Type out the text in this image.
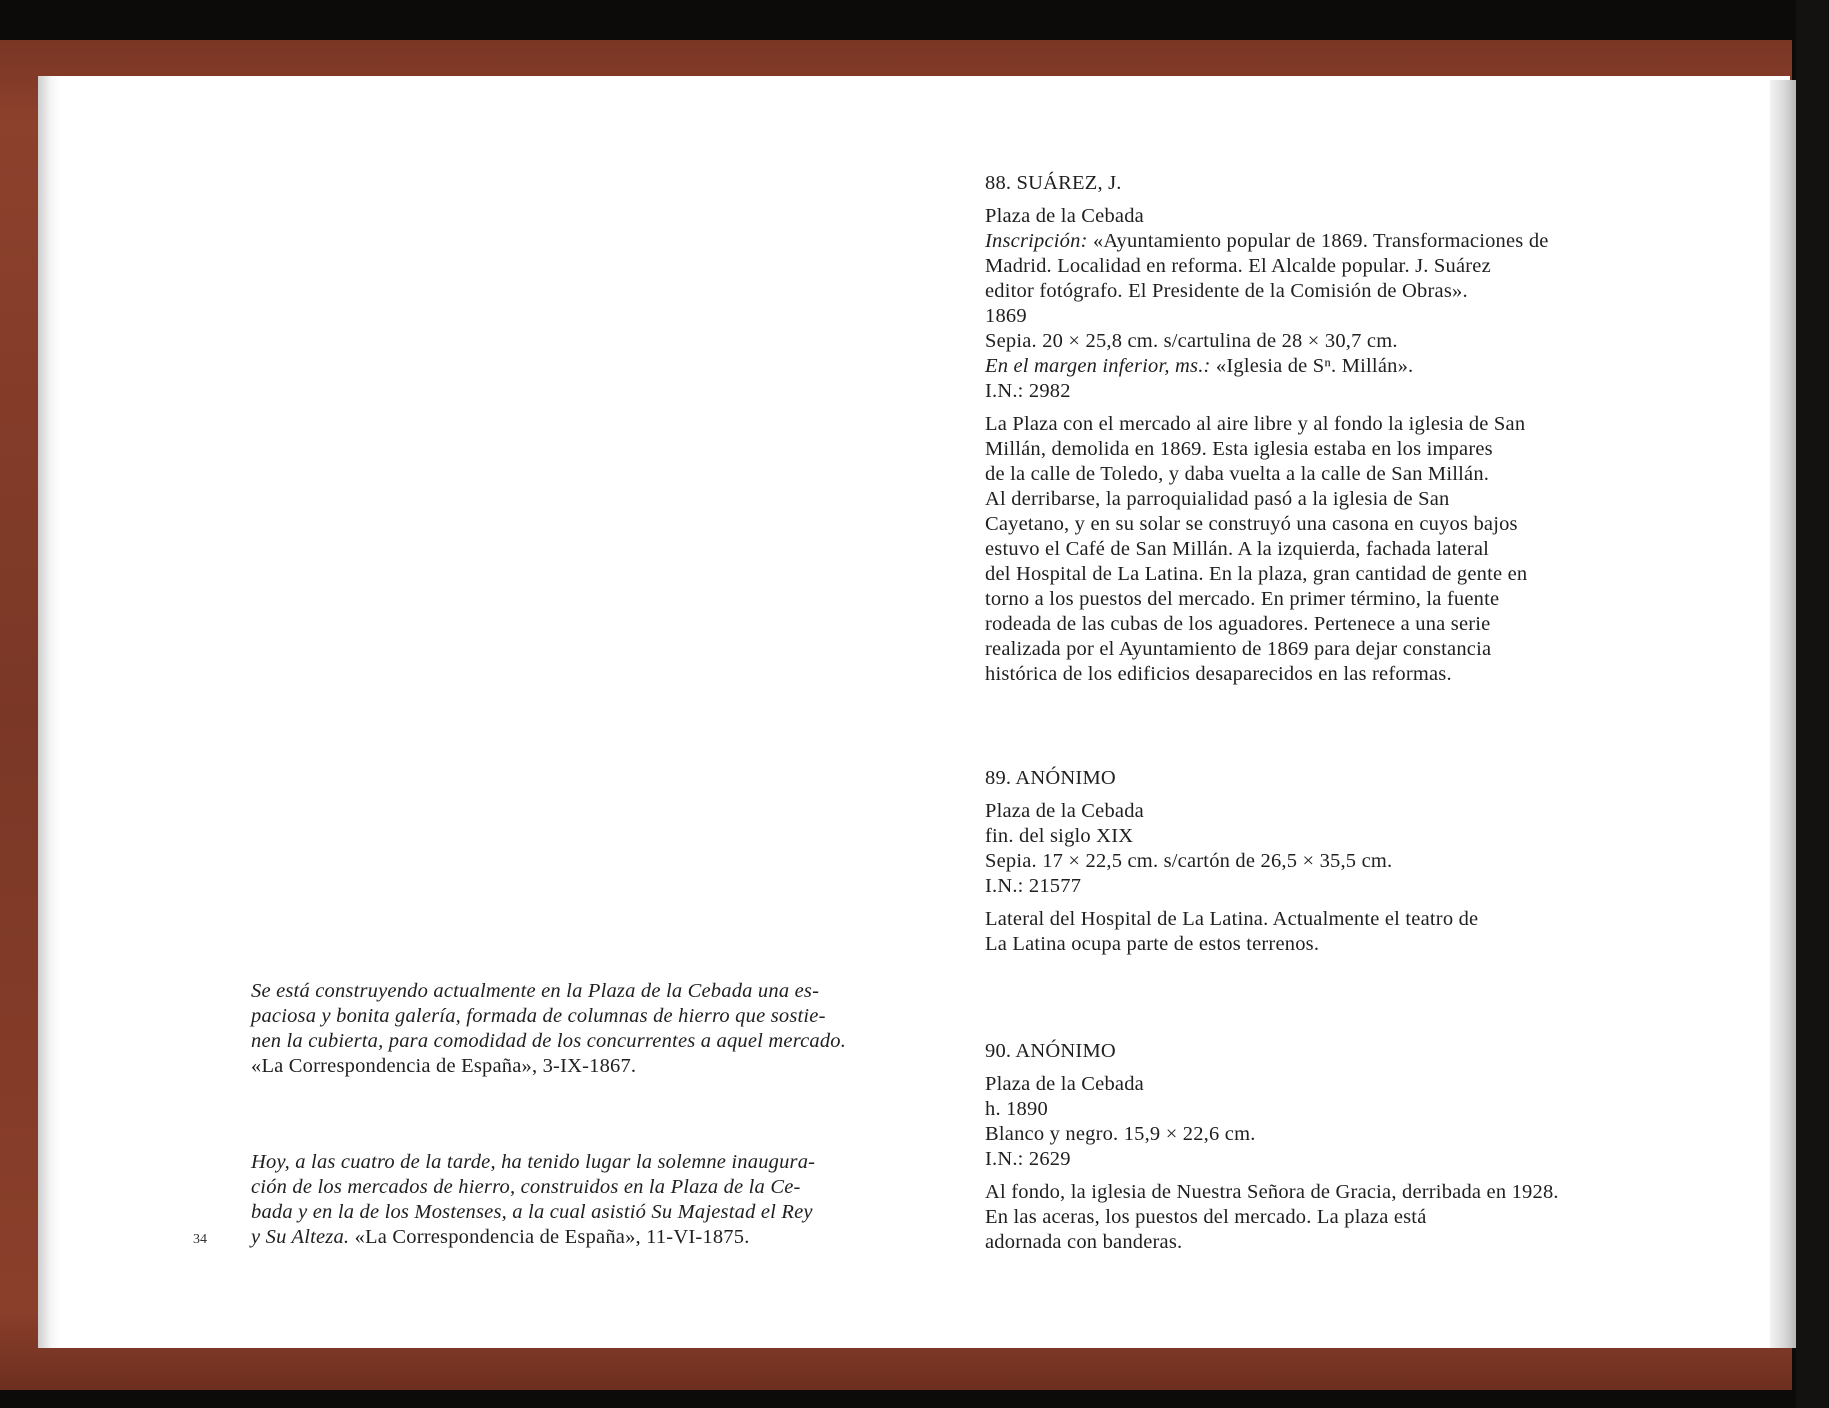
Se está construyendo actualmente en la Plaza de la Cebada una es-

paciosa y bonita galería, formada de columnas de hierro que sostie-

nen la cubierta, para comodidad de los concurrentes a aquel mercado.

«La Correspondencia de España», 3-IX-1867.

Hoy, a las cuatro de la tarde, ha tenido lugar la solemne inaugura-

ción de los mercados de hierro, construidos en la Plaza de la Ce-

bada y en la de los Mostenses, a la cual asistió Su Majestad el Rey

y Su Alteza. «La Correspondencia de España», 11-VI-1875.

34

88. SUÁREZ, J.

Plaza de la Cebada

Inscripción: «Ayuntamiento popular de 1869. Transformaciones de

Madrid. Localidad en reforma. El Alcalde popular. J. Suárez

editor fotógrafo. El Presidente de la Comisión de Obras».

1869

Sepia. 20 × 25,8 cm. s/cartulina de 28 × 30,7 cm.

En el margen inferior, ms.: «Iglesia de Sⁿ. Millán».

I.N.: 2982

La Plaza con el mercado al aire libre y al fondo la iglesia de San

Millán, demolida en 1869. Esta iglesia estaba en los impares

de la calle de Toledo, y daba vuelta a la calle de San Millán.

Al derribarse, la parroquialidad pasó a la iglesia de San

Cayetano, y en su solar se construyó una casona en cuyos bajos

estuvo el Café de San Millán. A la izquierda, fachada lateral

del Hospital de La Latina. En la plaza, gran cantidad de gente en

torno a los puestos del mercado. En primer término, la fuente

rodeada de las cubas de los aguadores. Pertenece a una serie

realizada por el Ayuntamiento de 1869 para dejar constancia

histórica de los edificios desaparecidos en las reformas.

89. ANÓNIMO

Plaza de la Cebada

fin. del siglo XIX

Sepia. 17 × 22,5 cm. s/cartón de 26,5 × 35,5 cm.

I.N.: 21577

Lateral del Hospital de La Latina. Actualmente el teatro de

La Latina ocupa parte de estos terrenos.

90. ANÓNIMO

Plaza de la Cebada

h. 1890

Blanco y negro. 15,9 × 22,6 cm.

I.N.: 2629

Al fondo, la iglesia de Nuestra Señora de Gracia, derribada en 1928.

En las aceras, los puestos del mercado. La plaza está

adornada con banderas.
